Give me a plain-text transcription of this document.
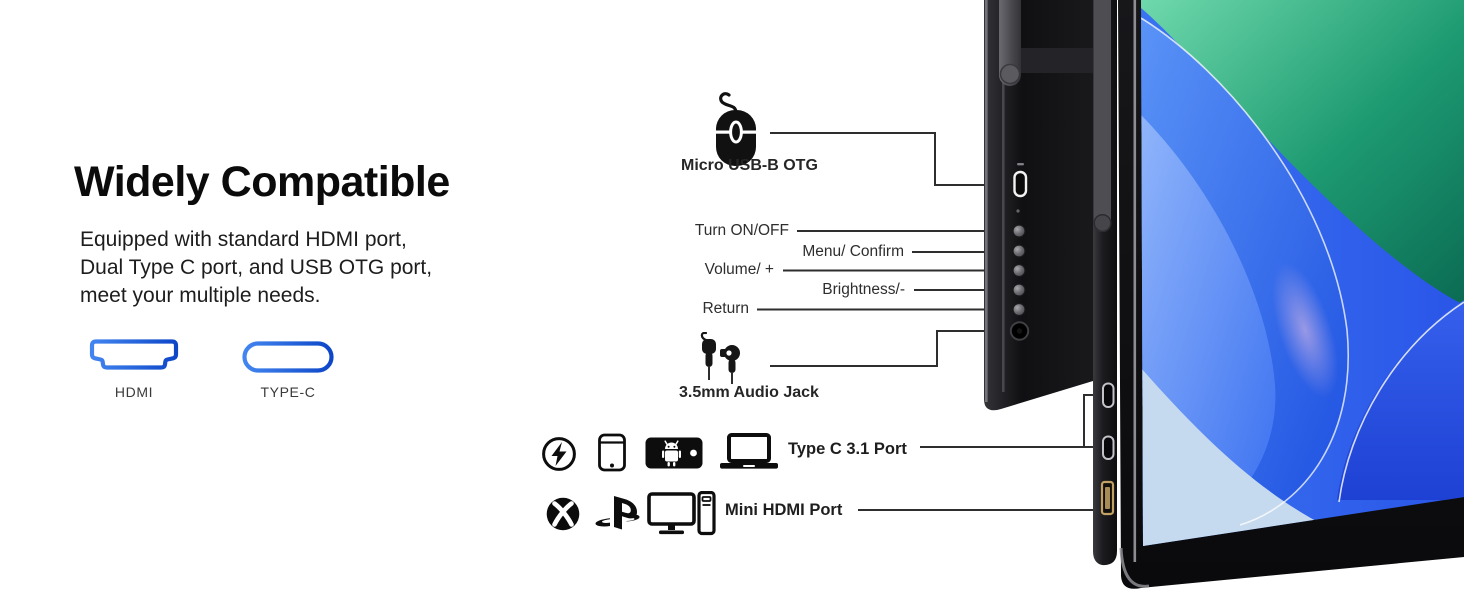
Widely Compatible
Equipped with standard HDMI port, Dual Type C port, and USB OTG port, meet your multiple needs.
HDMI	TYPE-C
Micro USB-B OTG
Turn ON/OFF
Menu/ Confirm
Volume/ +
Brightness/-
Return
3.5mm Audio Jack
Type C 3.1 Port
Mini HDMI Port
